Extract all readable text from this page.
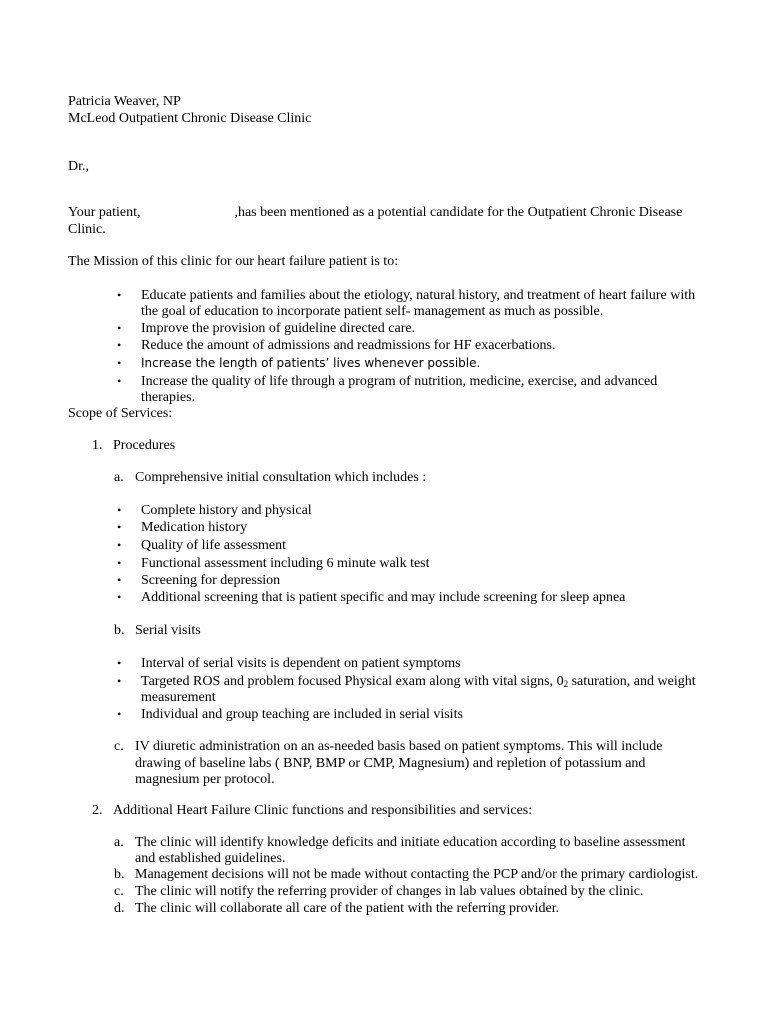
Patricia Weaver, NP

McLeod Outpatient Chronic Disease Clinic

Dr.,

Your patient,	,has been mentioned as a potential candidate for the Outpatient Chronic Disease

Clinic.

The Mission of this clinic for our heart failure patient is to:

• Educate patients and families about the etiology, natural history, and treatment of heart failure with

the goal of education to incorporate patient self- management as much as possible.

• Improve the provision of guideline directed care.

• Reduce the amount of admissions and readmissions for HF exacerbations.

• Increase the length of patients’ lives whenever possible.

• Increase the quality of life through a program of nutrition, medicine, exercise, and advanced

therapies.

Scope of Services:

1. Procedures

a. Comprehensive initial consultation which includes :

• Complete history and physical

• Medication history

• Quality of life assessment

• Functional assessment including 6 minute walk test

• Screening for depression

• Additional screening that is patient specific and may include screening for sleep apnea

b. Serial visits

• Interval of serial visits is dependent on patient symptoms

• Targeted ROS and problem focused Physical exam along with vital signs, $0_2$ saturation, and weight

measurement

• Individual and group teaching are included in serial visits

c. IV diuretic administration on an as-needed basis based on patient symptoms. This will include

drawing of baseline labs ( BNP, BMP or CMP, Magnesium) and repletion of potassium and

magnesium per protocol.

2. Additional Heart Failure Clinic functions and responsibilities and services:

a. The clinic will identify knowledge deficits and initiate education according to baseline assessment

and established guidelines.

b. Management decisions will not be made without contacting the PCP and/or the primary cardiologist.

c. The clinic will notify the referring provider of changes in lab values obtained by the clinic.

d. The clinic will collaborate all care of the patient with the referring provider.
